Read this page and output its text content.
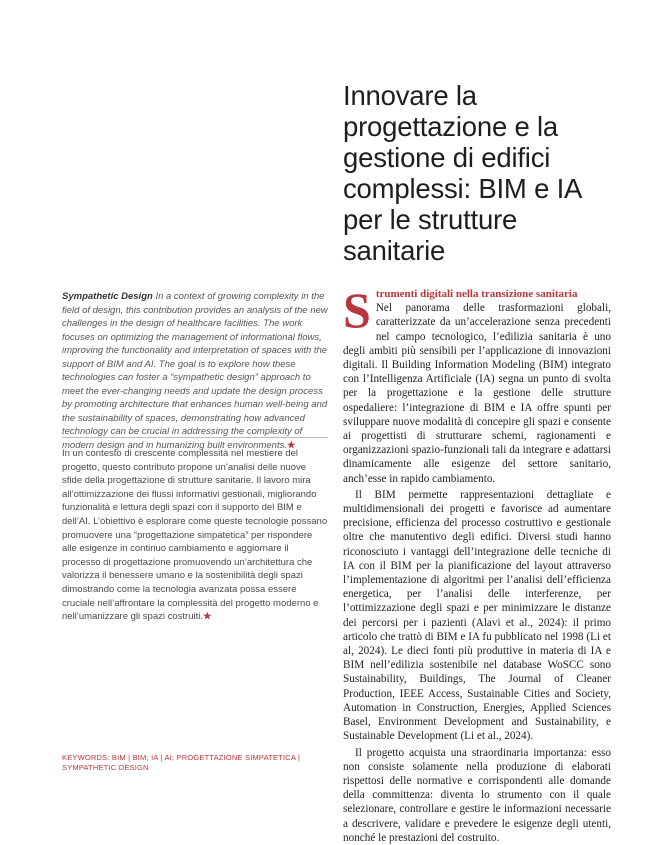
Innovare la progettazione e la gestione di edifici complessi: BIM e IA per le strutture sanitarie
Sympathetic Design In a context of growing complexity in the field of design, this contribution provides an analysis of the new challenges in the design of healthcare facilities. The work focuses on optimizing the management of informational flows, improving the functionality and interpretation of spaces with the support of BIM and AI. The goal is to explore how these technologies can foster a “sympathetic design” approach to meet the ever-changing needs and update the design process by promoting architecture that enhances human well-being and the sustainability of spaces, demonstrating how advanced technology can be crucial in addressing the complexity of modern design and in humanizing built environments.★
In un contesto di crescente complessità nel mestiere del progetto, questo contributo propone un’analisi delle nuove sfide della progettazione di strutture sanitarie. Il lavoro mira all’ottimizzazione dei flussi informativi gestionali, migliorando funzionalità e lettura degli spazi con il supporto del BIM e dell’AI. L’obiettivo è esplorare come queste tecnologie possano promuovere una “progettazione simpatetica” per rispondere alle esigenze in continuo cambiamento e aggiornare il processo di progettazione promuovendo un’architettura che valorizza il benessere umano e la sostenibilità degli spazi dimostrando come la tecnologia avanzata possa essere cruciale nell’affrontare la complessità del progetto moderno e nell’umanizzare gli spazi costruiti.★
KEYWORDS: BIM | BIM; IA | AI; PROGETTAZIONE SIMPATETICA | SYMPATHETIC DESIGN

S trumenti digitali nella transizione sanitaria
Nel panorama delle trasformazioni globali, caratterizzate da un’accelerazione senza precedenti nel campo tecnologico, l’edilizia sanitaria è uno degli ambiti più sensibili per l’applicazione di innovazioni digitali. Il Building Information Modeling (BIM) integrato con l’Intelligenza Artificiale (IA) segna un punto di svolta per la progettazione e la gestione delle strutture ospedaliere: l’integrazione di BIM e IA offre spunti per sviluppare nuove modalità di concepire gli spazi e consente ai progettisti di strutturare schemi, ragionamenti e organizzazioni spazio-funzionali tali da integrare e adattarsi dinamicamente alle esigenze del settore sanitario, anch’esse in rapido cambiamento.

Il BIM permette rappresentazioni dettagliate e multidimensionali dei progetti e favorisce ad aumentare precisione, efficienza del processo costruttivo e gestionale oltre che manutentivo degli edifici. Diversi studi hanno riconosciuto i vantaggi dell’integrazione delle tecniche di IA con il BIM per la pianificazione del layout attraverso l’implementazione di algoritmi per l’analisi dell’efficienza energetica, per l’analisi delle interferenze, per l’ottimizzazione degli spazi e per minimizzare le distanze dei percorsi per i pazienti (Alavi et al., 2024): il primo articolo che trattò di BIM e IA fu pubblicato nel 1998 (Li et al, 2024). Le dieci fonti più produttive in materia di IA e BIM nell’edilizia sostenibile nel database WoSCC sono Sustainability, Buildings, The Journal of Cleaner Production, IEEE Access, Sustainable Cities and Society, Automation in Construction, Energies, Applied Sciences Basel, Environment Development and Sustainability, e Sustainable Development (Li et al., 2024).

Il progetto acquista una straordinaria importanza: esso non consiste solamente nella produzione di elaborati rispettosi delle normative e corrispondenti alle domande della committenza: diventa lo strumento con il quale selezionare, controllare e gestire le informazioni necessarie a descrivere, validare e prevedere le esigenze degli utenti, nonché le prestazioni del costruito.
